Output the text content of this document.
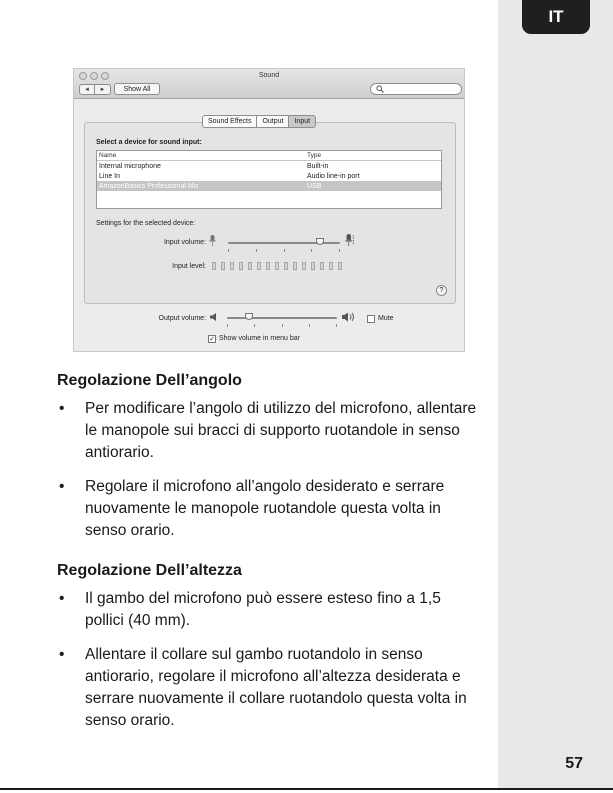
IT
57
Sound
◄	►	Show All
Sound Effects	Output	Input
Select a device for sound input:
Name	Type
Internal microphone	Built-in
Line In	Audio line-in port
AmazonBasics Professional Mic	USB
Settings for the selected device:
Input volume:
Input level:
?
Output volume:	Mute
✓ Show volume in menu bar
Regolazione Dell’angolo
• Per modificare l’angolo di utilizzo del microfono, allentare le manopole sui bracci di supporto ruotandole in senso antiorario.
• Regolare il microfono all’angolo desiderato e serrare nuovamente le manopole ruotandole questa volta in senso orario.
Regolazione Dell’altezza
• Il gambo del microfono può essere esteso fino a 1,5 pollici (40 mm).
• Allentare il collare sul gambo ruotandolo in senso antiorario, regolare il microfono all’altezza desiderata e serrare nuovamente il collare ruotandolo questa volta in senso orario.
